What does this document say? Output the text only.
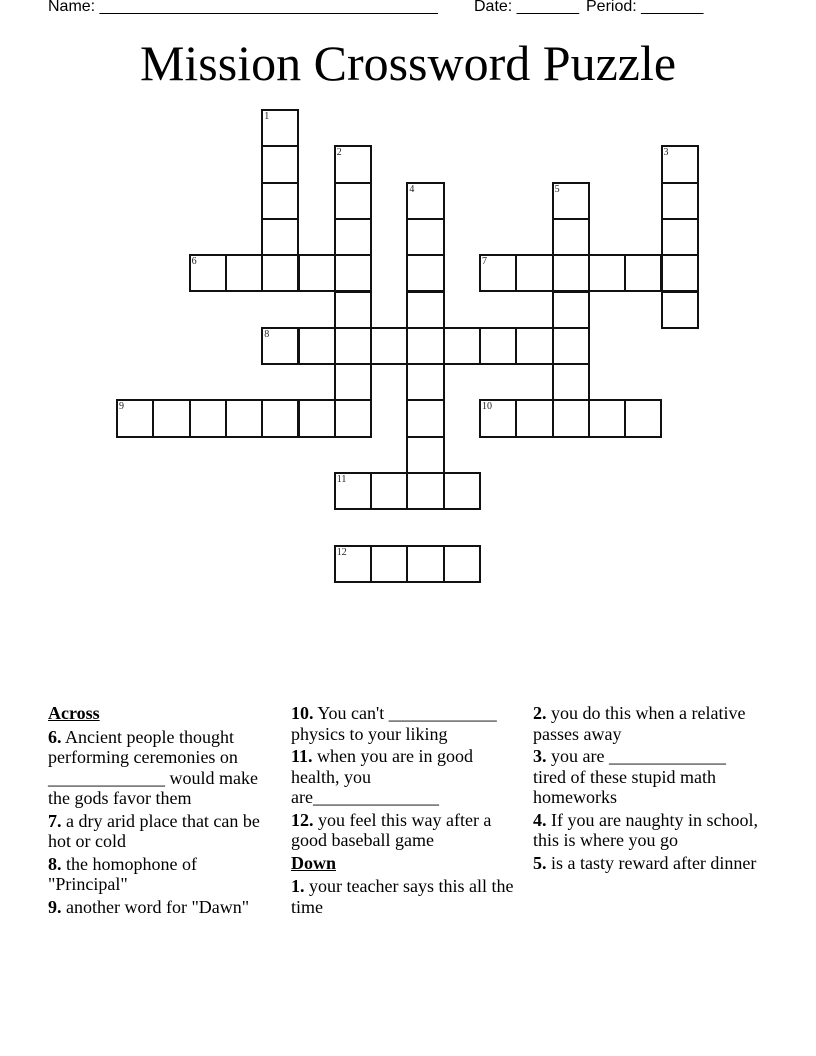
Name: ______________________________________

Date: _______

Period: _______

Mission Crossword Puzzle
1
2	3
4	5
6	7
8
9	10
11
12
Across
6. Ancient people thought performing ceremonies on _____________ would make the gods favor them
7. a dry arid place that can be hot or cold
8. the homophone of "Principal"
9. another word for "Dawn"
10. You can't ____________ physics to your liking
11. when you are in good health, you are______________
12. you feel this way after a good baseball game
Down
1. your teacher says this all the time
2. you do this when a relative passes away
3. you are _____________ tired of these stupid math homeworks
4. If you are naughty in school, this is where you go
5. is a tasty reward after dinner
